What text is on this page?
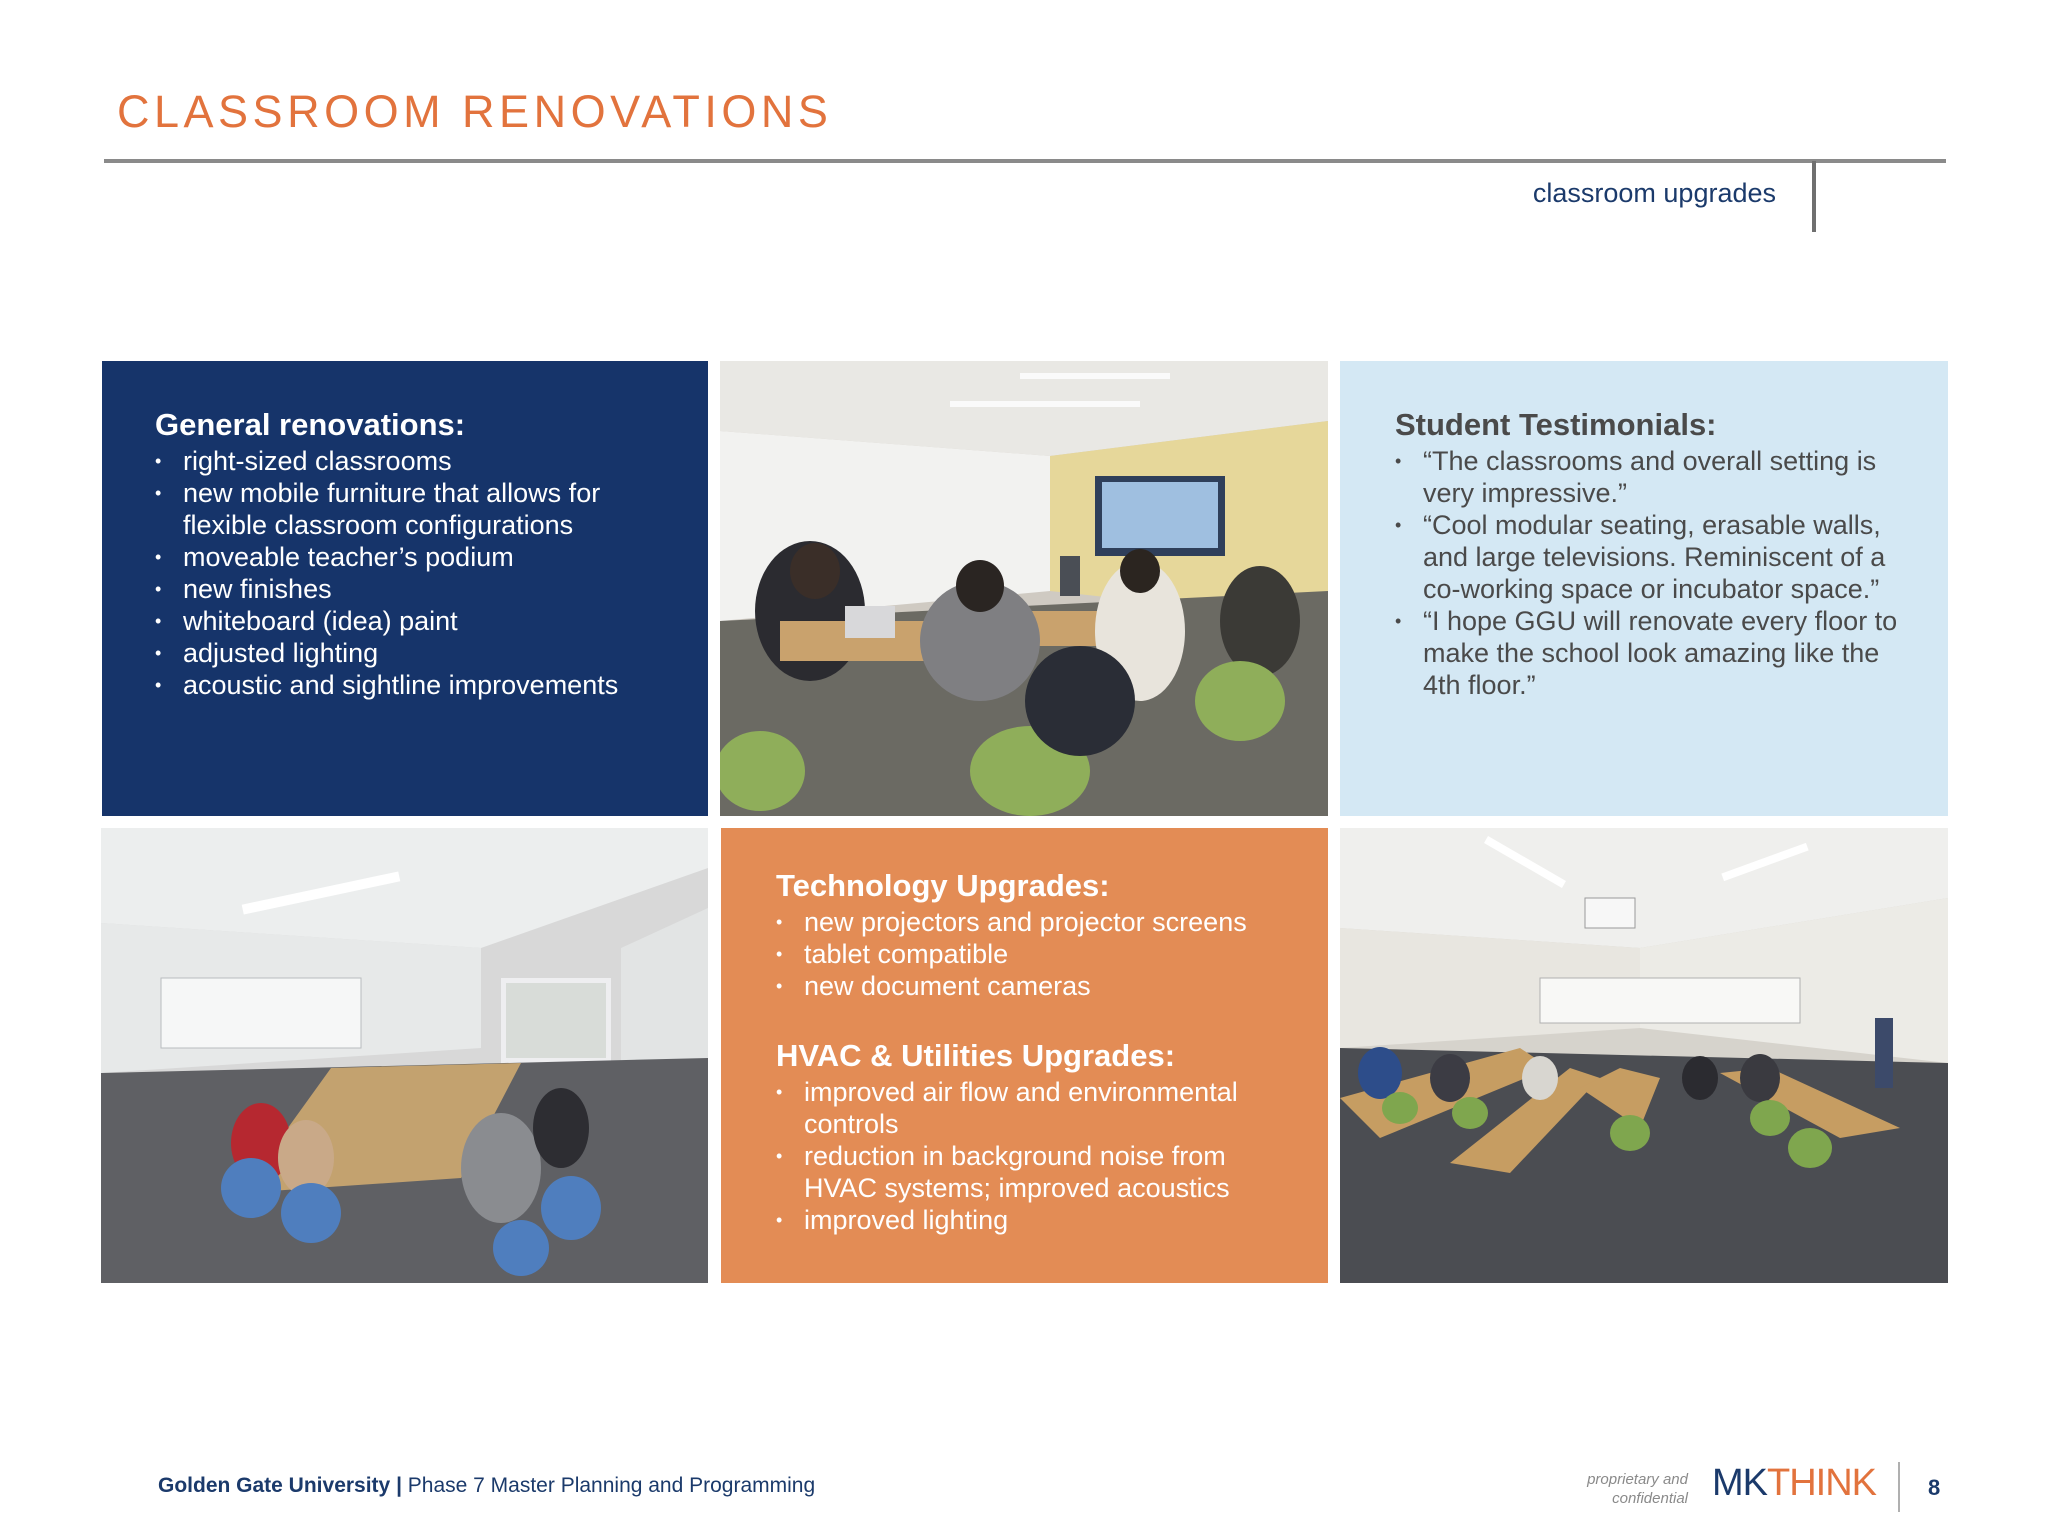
CLASSROOM RENOVATIONS
classroom upgrades
General renovations:
• right-sized classrooms
• new mobile furniture that allows for flexible classroom configurations
• moveable teacher’s podium
• new finishes
• whiteboard (idea) paint
• adjusted lighting
• acoustic and sightline improvements
Student Testimonials:
• “The classrooms and overall setting is very impressive.”
• “Cool modular seating, erasable walls, and large televisions. Reminiscent of a co-working space or incubator space.”
• “I hope GGU will renovate every floor to make the school look amazing like the 4th floor.”
Technology Upgrades:
• new projectors and projector screens
• tablet compatible
• new document cameras
HVAC & Utilities Upgrades:
• improved air flow and environmental controls
• reduction in background noise from HVAC systems; improved acoustics
• improved lighting
Golden Gate University | Phase 7 Master Planning and Programming	proprietary and
confidential MKTHINK 8
